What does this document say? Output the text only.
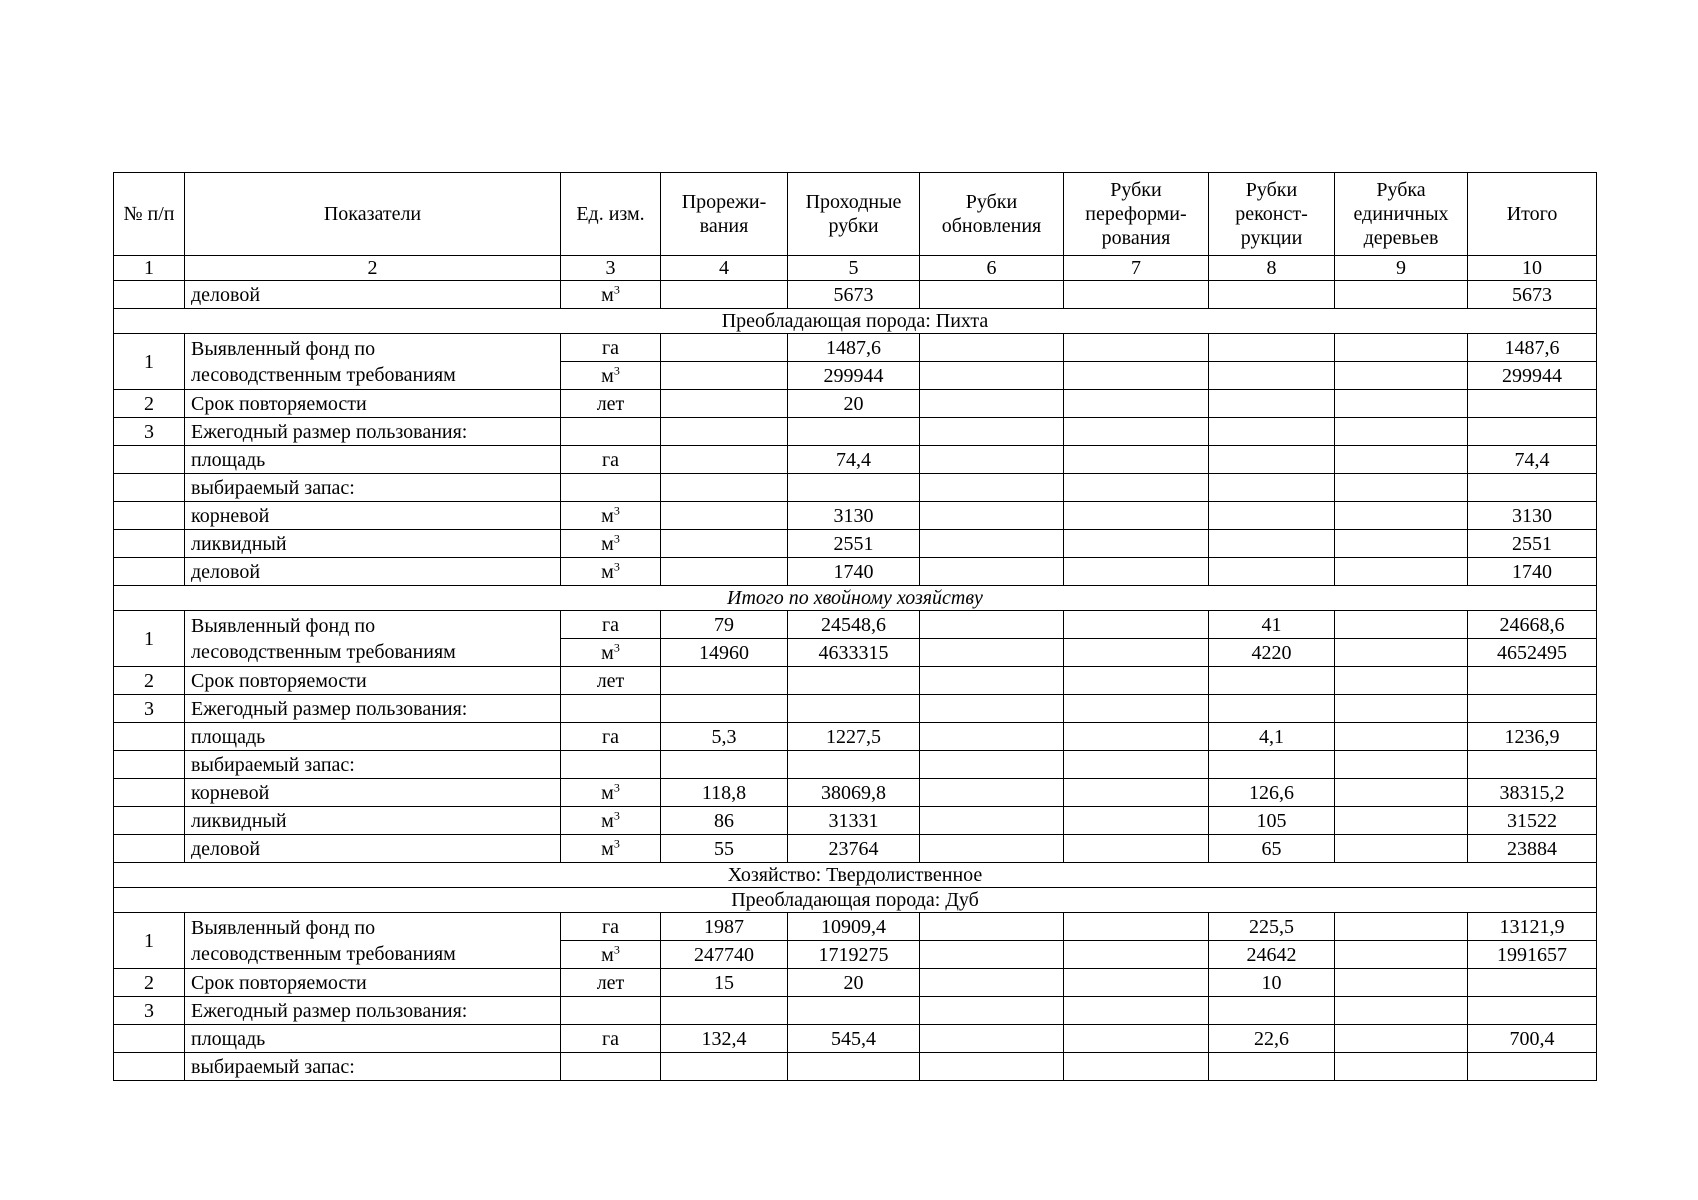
№ п/п	Показатели	Ед. изм.	Прорежи-вания	Проходные рубки	Рубки обновления	Рубки переформи-рования	Рубки реконст-рукции	Рубка единичных деревьев	Итого
1	2	3	4	5	6	7	8	9	10
	деловой	$м^3$		5673					5673
Преобладающая порода: Пихта									
1	Выявленный фонд по
лесоводственным требованиям	га		1487,6					1487,6
		$м^3$		299944					299944
2	Срок повторяемости	лет		20					
3	Ежегодный размер пользования:								
	площадь	га		74,4					74,4
	выбираемый запас:								
	корневой	$м^3$		3130					3130
	ликвидный	$м^3$		2551					2551
	деловой	$м^3$		1740					1740
Итого по хвойному хозяйству									
1	Выявленный фонд по
лесоводственным требованиям	га	79	24548,6			41		24668,6
		$м^3$	14960	4633315			4220		4652495
2	Срок повторяемости	лет							
3	Ежегодный размер пользования:								
	площадь	га	5,3	1227,5			4,1		1236,9
	выбираемый запас:								
	корневой	$м^3$	118,8	38069,8			126,6		38315,2
	ликвидный	$м^3$	86	31331			105		31522
	деловой	$м^3$	55	23764			65		23884
Хозяйство: Твердолиственное									
Преобладающая порода: Дуб									
1	Выявленный фонд по
лесоводственным требованиям	га	1987	10909,4			225,5		13121,9
		$м^3$	247740	1719275			24642		1991657
2	Срок повторяемости	лет	15	20			10		
3	Ежегодный размер пользования:								
	площадь	га	132,4	545,4			22,6		700,4
	выбираемый запас:								
